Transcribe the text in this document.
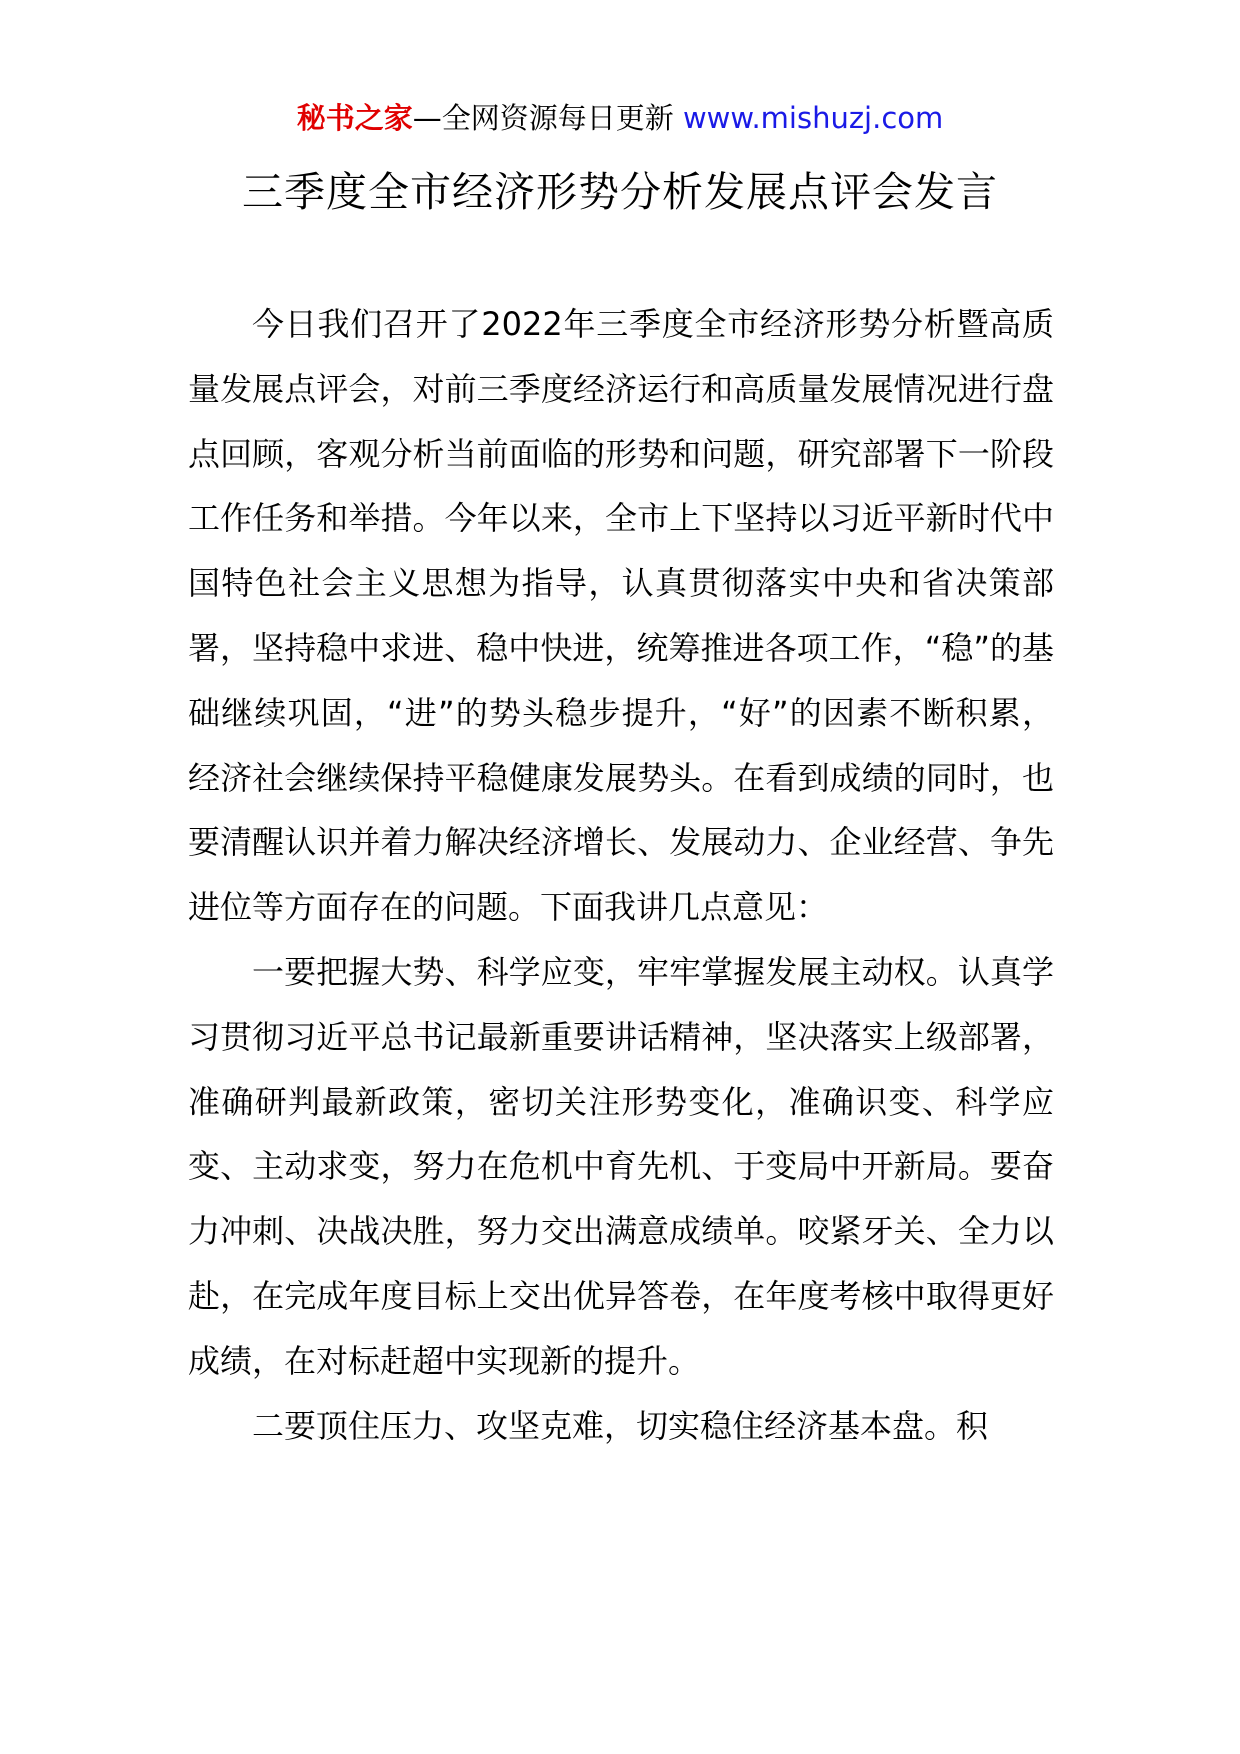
秘书之家—全网资源每日更新 www.mishuzj.com
三季度全市经济形势分析发展点评会发言

今日我们召开了2022年三季度全市经济形势分析暨高质量发展点评会，对前三季度经济运行和高质量发展情况进行盘点回顾，客观分析当前面临的形势和问题，研究部署下一阶段工作任务和举措。今年以来，全市上下坚持以习近平新时代中国特色社会主义思想为指导，认真贯彻落实中央和省决策部署，坚持稳中求进、稳中快进，统筹推进各项工作，“稳”的基础继续巩固，“进”的势头稳步提升，“好”的因素不断积累，经济社会继续保持平稳健康发展势头。在看到成绩的同时，也要清醒认识并着力解决经济增长、发展动力、企业经营、争先进位等方面存在的问题。下面我讲几点意见：

一要把握大势、科学应变，牢牢掌握发展主动权。认真学习贯彻习近平总书记最新重要讲话精神，坚决落实上级部署，准确研判最新政策，密切关注形势变化，准确识变、科学应变、主动求变，努力在危机中育先机、于变局中开新局。要奋力冲刺、决战决胜，努力交出满意成绩单。咬紧牙关、全力以赴，在完成年度目标上交出优异答卷，在年度考核中取得更好成绩，在对标赶超中实现新的提升。

二要顶住压力、攻坚克难，切实稳住经济基本盘。积
